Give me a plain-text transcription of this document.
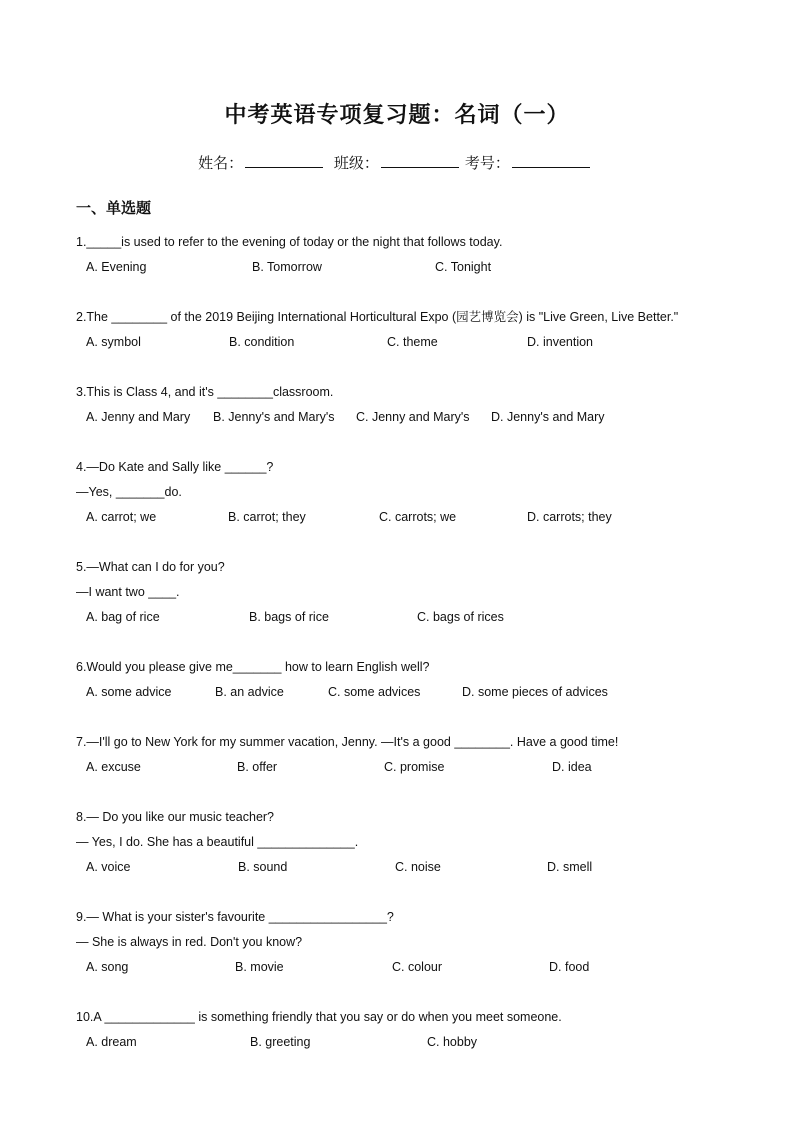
中考英语专项复习题：名词（一）
姓名：	班级：	考号：
一、单选题
1._____is used to refer to the evening of today or the night that follows today.
A. Evening	B. Tomorrow	C. Tonight
2.The ________ of the 2019 Beijing International Horticultural Expo (园艺博览会) is "Live Green, Live Better."
A. symbol	B. condition	C. theme	D. invention
3.This is Class 4, and it's ________classroom.
A. Jenny and Mary B. Jenny's and Mary's C. Jenny and Mary's D. Jenny's and Mary
4.—Do Kate and Sally like ______?
—Yes, _______do.
A. carrot; we	B. carrot; they	C. carrots; we	D. carrots; they
5.—What can I do for you?
—I want two ____.
A. bag of rice	B. bags of rice	C. bags of rices
6.Would you please give me_______ how to learn English well?
A. some advice	B. an advice	C. some advices	D. some pieces of advices
7.—I'll go to New York for my summer vacation, Jenny. —It's a good ________. Have a good time!
A. excuse	B. offer	C. promise	D. idea
8.— Do you like our music teacher?
— Yes, I do. She has a beautiful ______________.
A. voice	B. sound	C. noise	D. smell
9.— What is your sister's favourite _________________?
— She is always in red. Don't you know?
A. song	B. movie	C. colour	D. food
10.A _____________ is something friendly that you say or do when you meet someone.
A. dream	B. greeting	C. hobby
